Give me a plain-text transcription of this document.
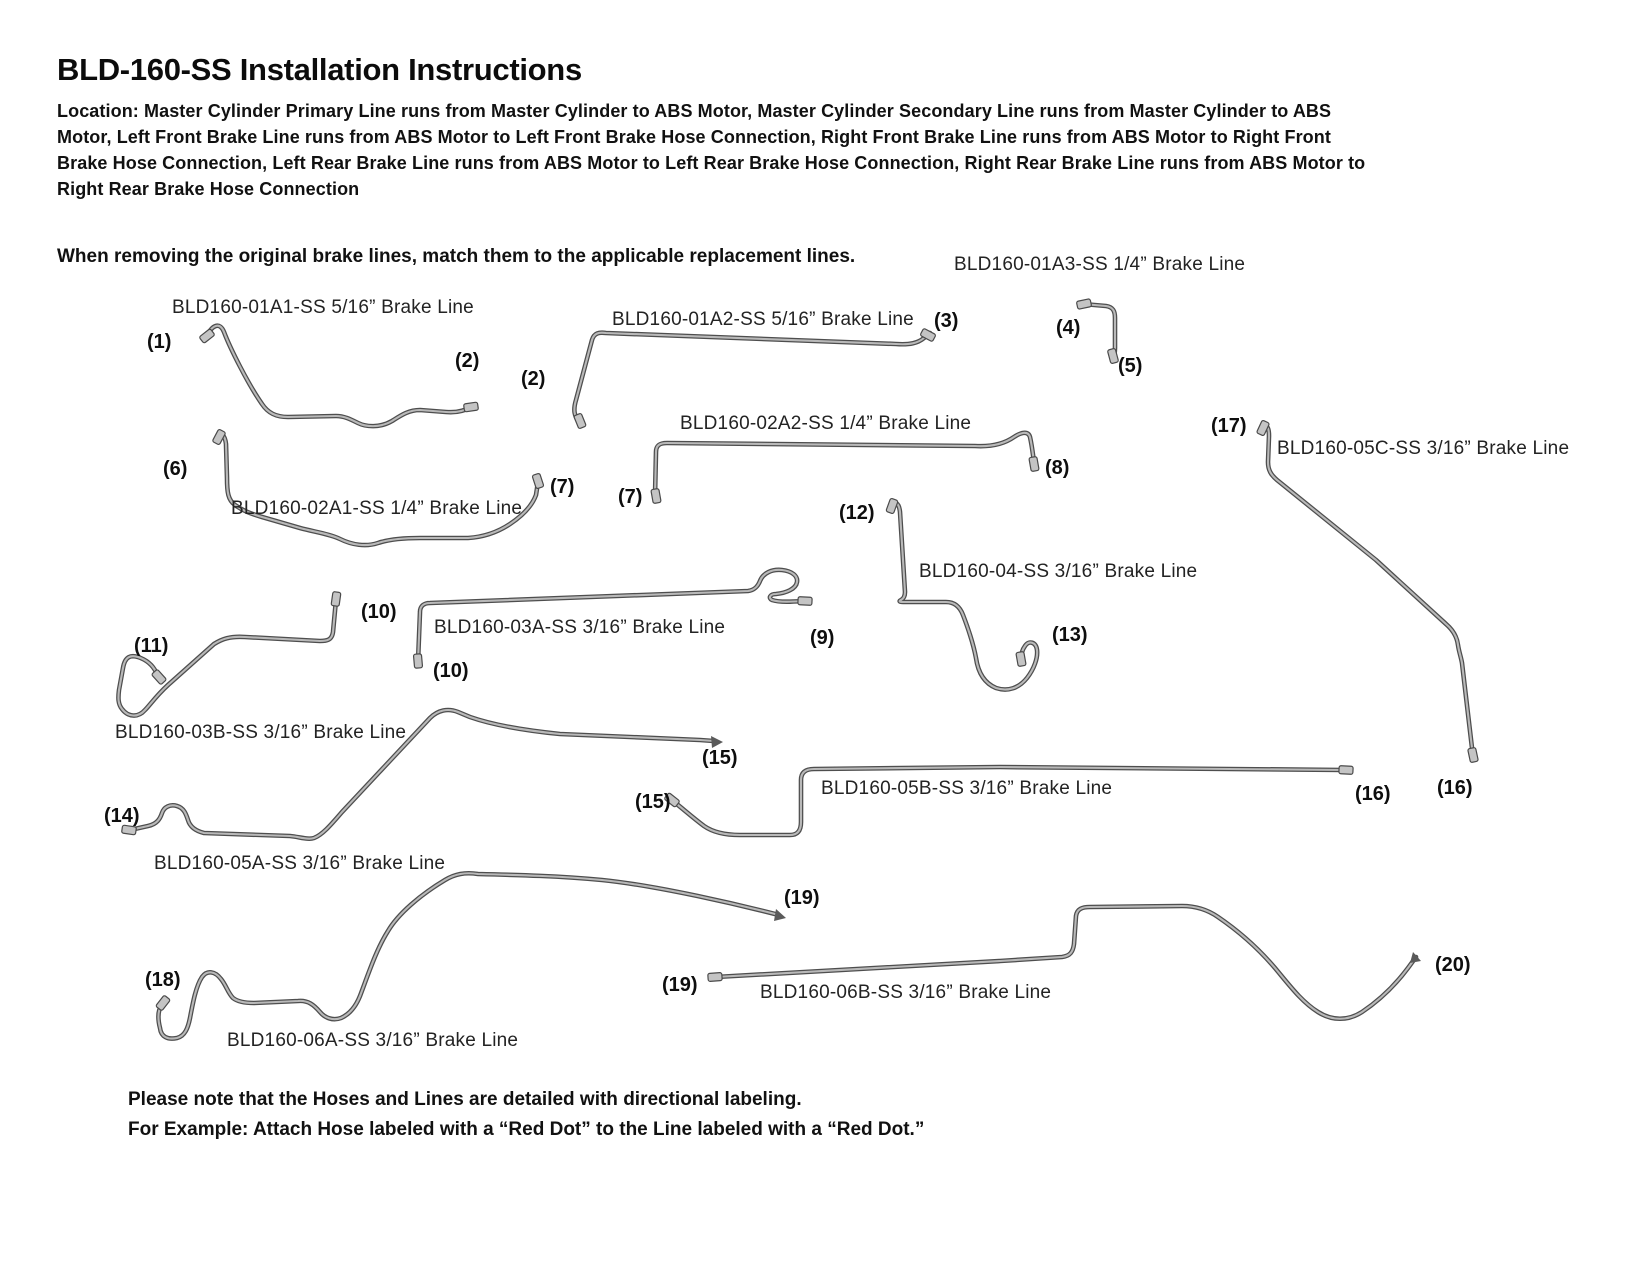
BLD-160-SS Installation Instructions
Location: Master Cylinder Primary Line runs from Master Cylinder to ABS Motor, Master Cylinder Secondary Line runs from Master Cylinder to ABS
Motor, Left Front Brake Line runs from ABS Motor to Left Front Brake Hose Connection, Right Front Brake Line runs from ABS Motor to Right Front
Brake Hose Connection, Left Rear Brake Line runs from ABS Motor to Left Rear Brake Hose Connection, Right Rear Brake Line runs from ABS Motor to
Right Rear Brake Hose Connection
When removing the original brake lines, match them to the applicable replacement lines.
BLD160-01A1-SS 5/16” Brake Line
BLD160-01A2-SS 5/16” Brake Line
BLD160-01A3-SS 1/4” Brake Line
BLD160-02A1-SS 1/4” Brake Line
BLD160-02A2-SS 1/4” Brake Line
BLD160-03A-SS 3/16” Brake Line
BLD160-03B-SS 3/16” Brake Line
BLD160-04-SS 3/16” Brake Line
BLD160-05A-SS 3/16” Brake Line
BLD160-05B-SS 3/16” Brake Line
BLD160-05C-SS 3/16” Brake Line
BLD160-06A-SS 3/16” Brake Line
BLD160-06B-SS 3/16” Brake Line
(1)
(2)
(2)
(3)	(4)
(5)
(6)
(7) (7)
(8)
(9)
(10)
(10)
(11)
(12)
(13)
(14)
(15)
(15)	(16) (16)
(17)
(18)
(19)
(19)
(20)
Please note that the Hoses and Lines are detailed with directional labeling.
For Example: Attach Hose labeled with a “Red Dot” to the Line labeled with a “Red Dot.”
